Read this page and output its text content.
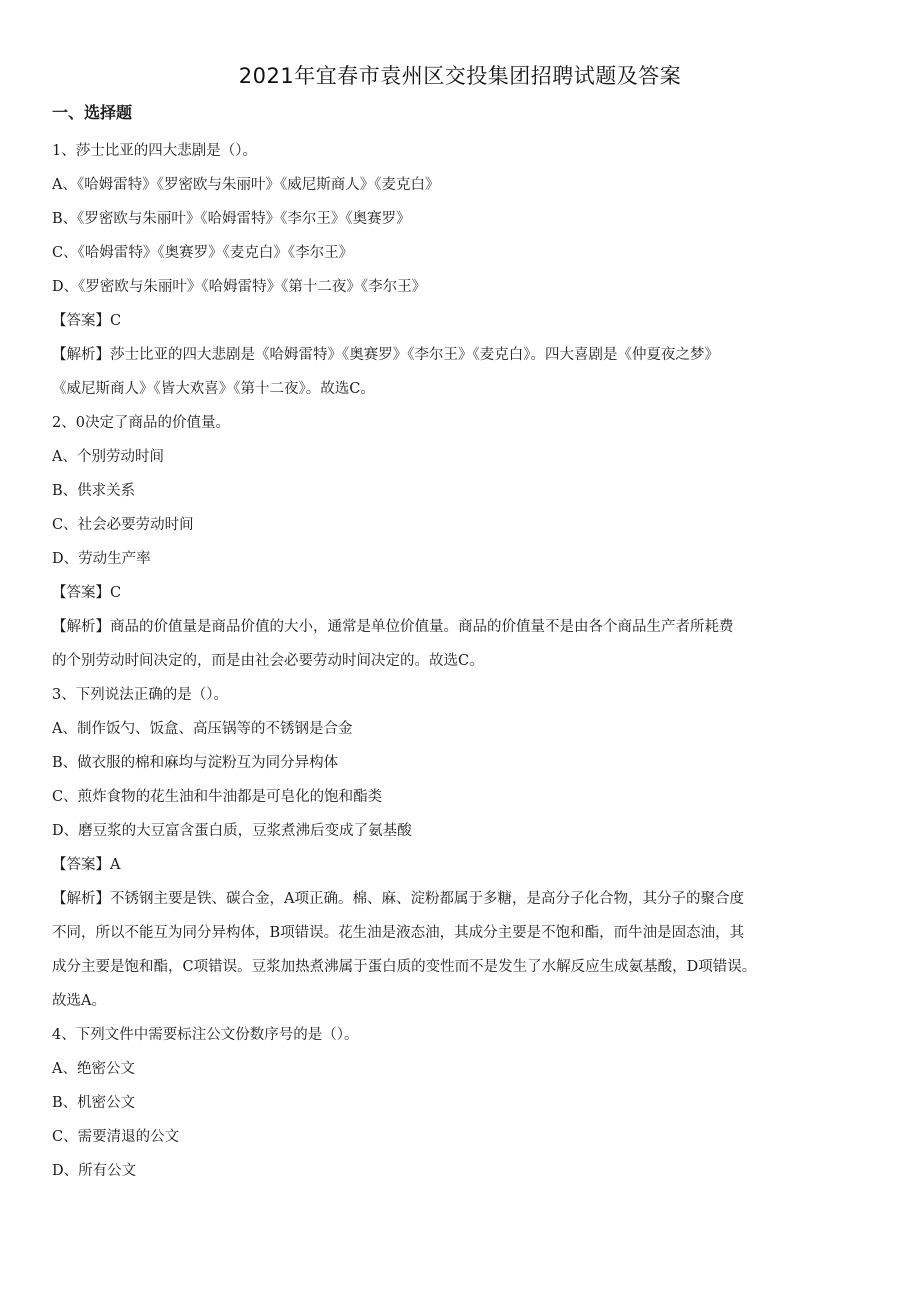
2021年宜春市袁州区交投集团招聘试题及答案
一、选择题
1、莎士比亚的四大悲剧是（）。
A、《哈姆雷特》《罗密欧与朱丽叶》《威尼斯商人》《麦克白》
B、《罗密欧与朱丽叶》《哈姆雷特》《李尔王》《奥赛罗》
C、《哈姆雷特》《奥赛罗》《麦克白》《李尔王》
D、《罗密欧与朱丽叶》《哈姆雷特》《第十二夜》《李尔王》
【答案】C
【解析】莎士比亚的四大悲剧是《哈姆雷特》《奥赛罗》《李尔王》《麦克白》。四大喜剧是《仲夏夜之梦》
《威尼斯商人》《皆大欢喜》《第十二夜》。故选C。
2、0决定了商品的价值量。
A、个别劳动时间
B、供求关系
C、社会必要劳动时间
D、劳动生产率
【答案】C
【解析】商品的价值量是商品价值的大小，通常是单位价值量。商品的价值量不是由各个商品生产者所耗费
的个别劳动时间决定的，而是由社会必要劳动时间决定的。故选C。
3、下列说法正确的是（）。
A、制作饭勺、饭盒、高压锅等的不锈钢是合金
B、做衣服的棉和麻均与淀粉互为同分异构体
C、煎炸食物的花生油和牛油都是可皂化的饱和酯类
D、磨豆浆的大豆富含蛋白质，豆浆煮沸后变成了氨基酸
【答案】A
【解析】不锈钢主要是铁、碳合金，A项正确。棉、麻、淀粉都属于多糖，是高分子化合物，其分子的聚合度
不同，所以不能互为同分异构体，B项错误。花生油是液态油，其成分主要是不饱和酯，而牛油是固态油，其
成分主要是饱和酯，C项错误。豆浆加热煮沸属于蛋白质的变性而不是发生了水解反应生成氨基酸，D项错误。
故选A。
4、下列文件中需要标注公文份数序号的是（）。
A、绝密公文
B、机密公文
C、需要清退的公文
D、所有公文
